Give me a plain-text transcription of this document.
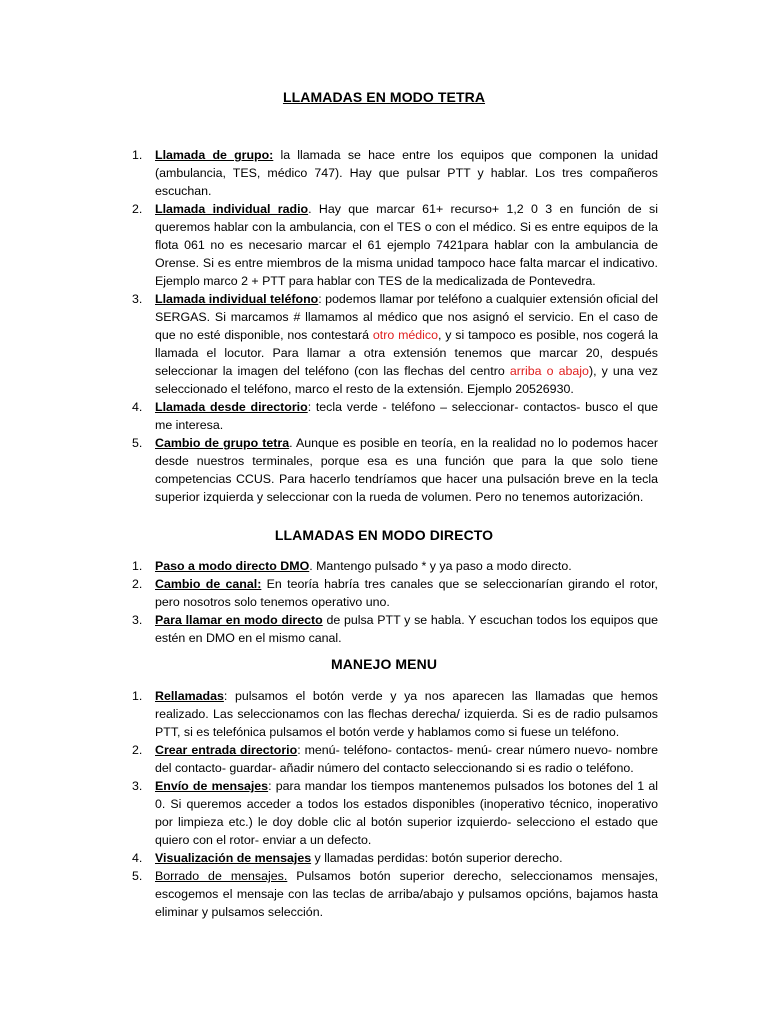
LLAMADAS EN MODO TETRA
1. Llamada de grupo: la llamada se hace entre los equipos que componen la unidad (ambulancia, TES, médico 747). Hay que pulsar PTT y hablar. Los tres compañeros escuchan.
2. Llamada individual radio. Hay que marcar 61+ recurso+ 1,2 0 3 en función de si queremos hablar con la ambulancia, con el TES o con el médico. Si es entre equipos de la flota 061 no es necesario marcar el 61 ejemplo 7421para hablar con la ambulancia de Orense. Si es entre miembros de la misma unidad tampoco hace falta marcar el indicativo. Ejemplo marco 2 + PTT para hablar con TES de la medicalizada de Pontevedra.
3. Llamada individual teléfono: podemos llamar por teléfono a cualquier extensión oficial del SERGAS. Si marcamos # llamamos al médico que nos asignó el servicio. En el caso de que no esté disponible, nos contestará otro médico, y si tampoco es posible, nos cogerá la llamada el locutor. Para llamar a otra extensión tenemos que marcar 20, después seleccionar la imagen del teléfono (con las flechas del centro arriba o abajo), y una vez seleccionado el teléfono, marco el resto de la extensión. Ejemplo 20526930.
4. Llamada desde directorio: tecla verde - teléfono – seleccionar- contactos- busco el que me interesa.
5. Cambio de grupo tetra. Aunque es posible en teoría, en la realidad no lo podemos hacer desde nuestros terminales, porque esa es una función que para la que solo tiene competencias CCUS. Para hacerlo tendríamos que hacer una pulsación breve en la tecla superior izquierda y seleccionar con la rueda de volumen. Pero no tenemos autorización.
LLAMADAS EN MODO DIRECTO
1. Paso a modo directo DMO. Mantengo pulsado * y ya paso a modo directo.
2. Cambio de canal: En teoría habría tres canales que se seleccionarían girando el rotor, pero nosotros solo tenemos operativo uno.
3. Para llamar en modo directo de pulsa PTT y se habla. Y escuchan todos los equipos que estén en DMO en el mismo canal.
MANEJO MENU
1. Rellamadas: pulsamos el botón verde y ya nos aparecen las llamadas que hemos realizado. Las seleccionamos con las flechas derecha/ izquierda. Si es de radio pulsamos PTT, si es telefónica pulsamos el botón verde y hablamos como si fuese un teléfono.
2. Crear entrada directorio: menú- teléfono- contactos- menú- crear número nuevo- nombre del contacto- guardar- añadir número del contacto seleccionando si es radio o teléfono.
3. Envío de mensajes: para mandar los tiempos mantenemos pulsados los botones del 1 al 0. Si queremos acceder a todos los estados disponibles (inoperativo técnico, inoperativo por limpieza etc.) le doy doble clic al botón superior izquierdo- selecciono el estado que quiero con el rotor- enviar a un defecto.
4. Visualización de mensajes y llamadas perdidas: botón superior derecho.
5. Borrado de mensajes. Pulsamos botón superior derecho, seleccionamos mensajes, escogemos el mensaje con las teclas de arriba/abajo y pulsamos opcións, bajamos hasta eliminar y pulsamos selección.
